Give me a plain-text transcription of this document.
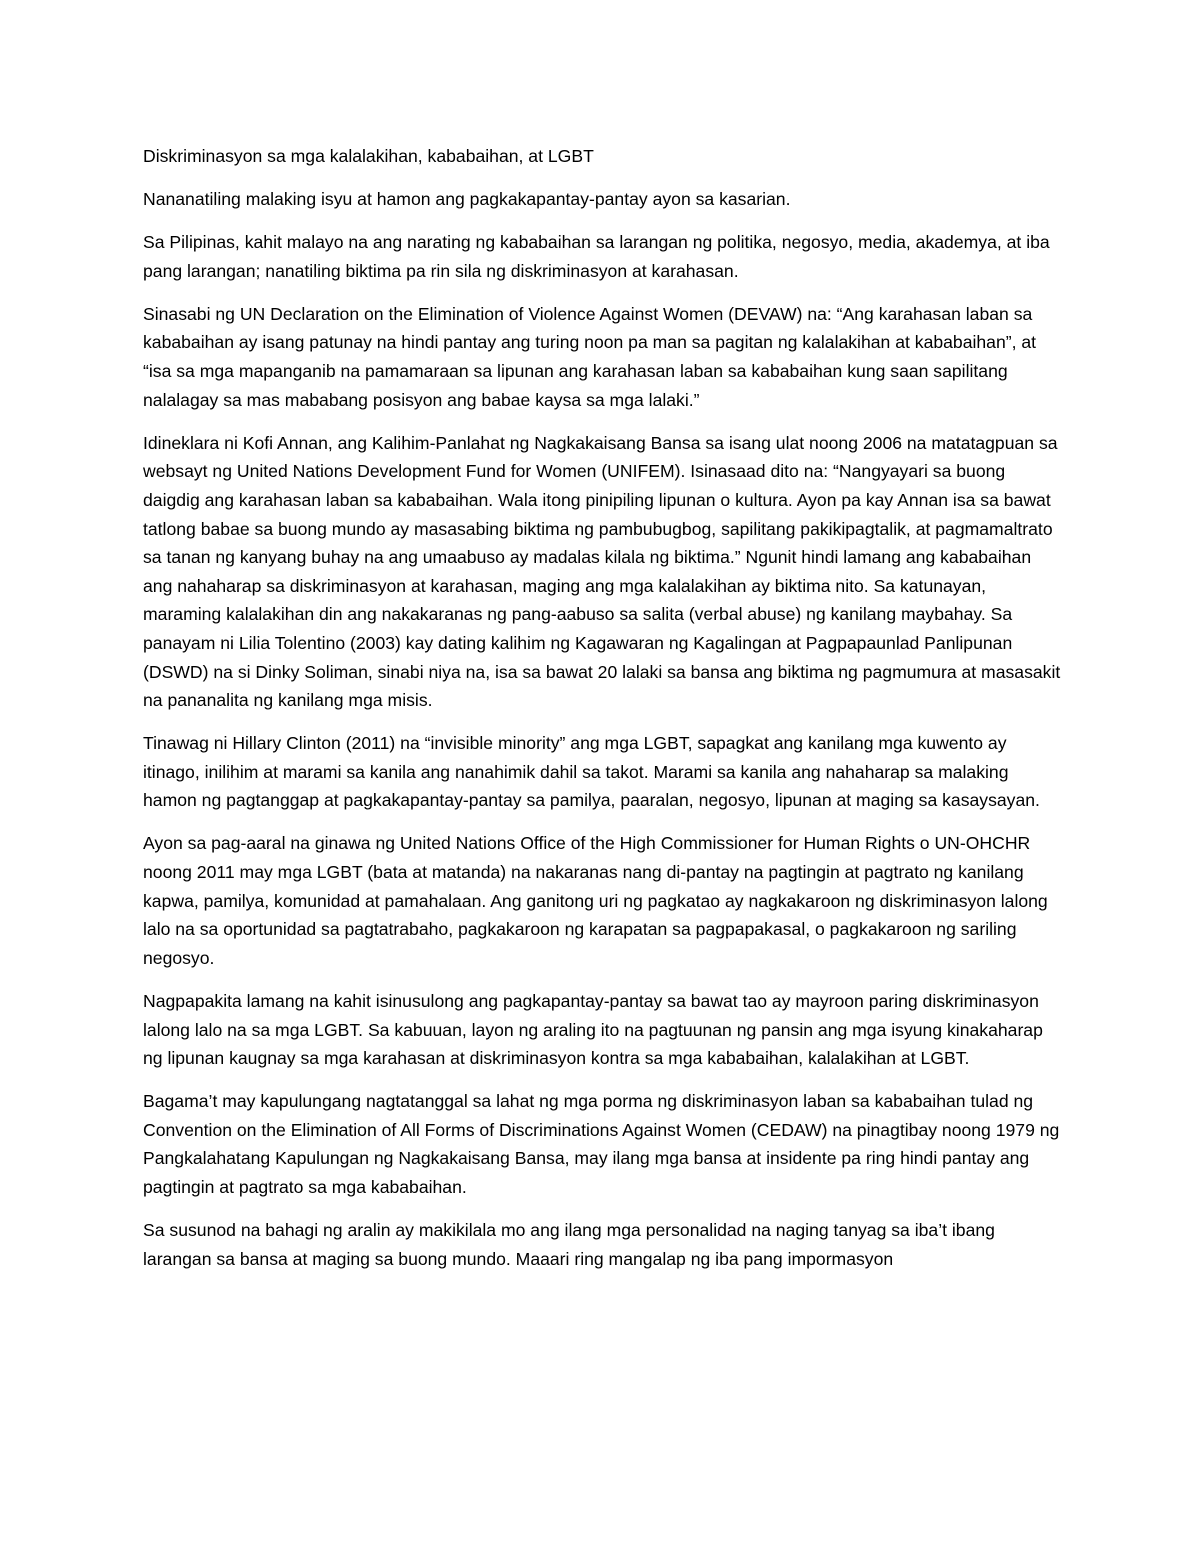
Diskriminasyon sa mga kalalakihan, kababaihan, at LGBT

Nananatiling malaking isyu at hamon ang pagkakapantay-pantay ayon sa kasarian.

Sa Pilipinas, kahit malayo na ang narating ng kababaihan sa larangan ng politika, negosyo, media, akademya, at iba pang larangan; nanatiling biktima pa rin sila ng diskriminasyon at karahasan.

Sinasabi ng UN Declaration on the Elimination of Violence Against Women (DEVAW) na: “Ang karahasan laban sa kababaihan ay isang patunay na hindi pantay ang turing noon pa man sa pagitan ng kalalakihan at kababaihan”, at “isa sa mga mapanganib na pamamaraan sa lipunan ang karahasan laban sa kababaihan kung saan sapilitang nalalagay sa mas mababang posisyon ang babae kaysa sa mga lalaki.”

Idineklara ni Kofi Annan, ang Kalihim-Panlahat ng Nagkakaisang Bansa sa isang ulat noong 2006 na matatagpuan sa websayt ng United Nations Development Fund for Women (UNIFEM). Isinasaad dito na: “Nangyayari sa buong daigdig ang karahasan laban sa kababaihan. Wala itong pinipiling lipunan o kultura. Ayon pa kay Annan isa sa bawat tatlong babae sa buong mundo ay masasabing biktima ng pambubugbog, sapilitang pakikipagtalik, at pagmamaltrato sa tanan ng kanyang buhay na ang umaabuso ay madalas kilala ng biktima.” Ngunit hindi lamang ang kababaihan ang nahaharap sa diskriminasyon at karahasan, maging ang mga kalalakihan ay biktima nito. Sa katunayan, maraming kalalakihan din ang nakakaranas ng pang-aabuso sa salita (verbal abuse) ng kanilang maybahay. Sa panayam ni Lilia Tolentino (2003) kay dating kalihim ng Kagawaran ng Kagalingan at Pagpapaunlad Panlipunan (DSWD) na si Dinky Soliman, sinabi niya na, isa sa bawat 20 lalaki sa bansa ang biktima ng pagmumura at masasakit na pananalita ng kanilang mga misis.

Tinawag ni Hillary Clinton (2011) na “invisible minority” ang mga LGBT, sapagkat ang kanilang mga kuwento ay itinago, inilihim at marami sa kanila ang nanahimik dahil sa takot. Marami sa kanila ang nahaharap sa malaking hamon ng pagtanggap at pagkakapantay-pantay sa pamilya, paaralan, negosyo, lipunan at maging sa kasaysayan.

Ayon sa pag-aaral na ginawa ng United Nations Office of the High Commissioner for Human Rights o UN-OHCHR noong 2011 may mga LGBT (bata at matanda) na nakaranas nang di-pantay na pagtingin at pagtrato ng kanilang kapwa, pamilya, komunidad at pamahalaan. Ang ganitong uri ng pagkatao ay nagkakaroon ng diskriminasyon lalong lalo na sa oportunidad sa pagtatrabaho, pagkakaroon ng karapatan sa pagpapakasal, o pagkakaroon ng sariling negosyo.

Nagpapakita lamang na kahit isinusulong ang pagkapantay-pantay sa bawat tao ay mayroon paring diskriminasyon lalong lalo na sa mga LGBT. Sa kabuuan, layon ng araling ito na pagtuunan ng pansin ang mga isyung kinakaharap ng lipunan kaugnay sa mga karahasan at diskriminasyon kontra sa mga kababaihan, kalalakihan at LGBT.

Bagama’t may kapulungang nagtatanggal sa lahat ng mga porma ng diskriminasyon laban sa kababaihan tulad ng Convention on the Elimination of All Forms of Discriminations Against Women (CEDAW) na pinagtibay noong 1979 ng Pangkalahatang Kapulungan ng Nagkakaisang Bansa, may ilang mga bansa at insidente pa ring hindi pantay ang pagtingin at pagtrato sa mga kababaihan.

Sa susunod na bahagi ng aralin ay makikilala mo ang ilang mga personalidad na naging tanyag sa iba’t ibang larangan sa bansa at maging sa buong mundo. Maaari ring mangalap ng iba pang impormasyon
